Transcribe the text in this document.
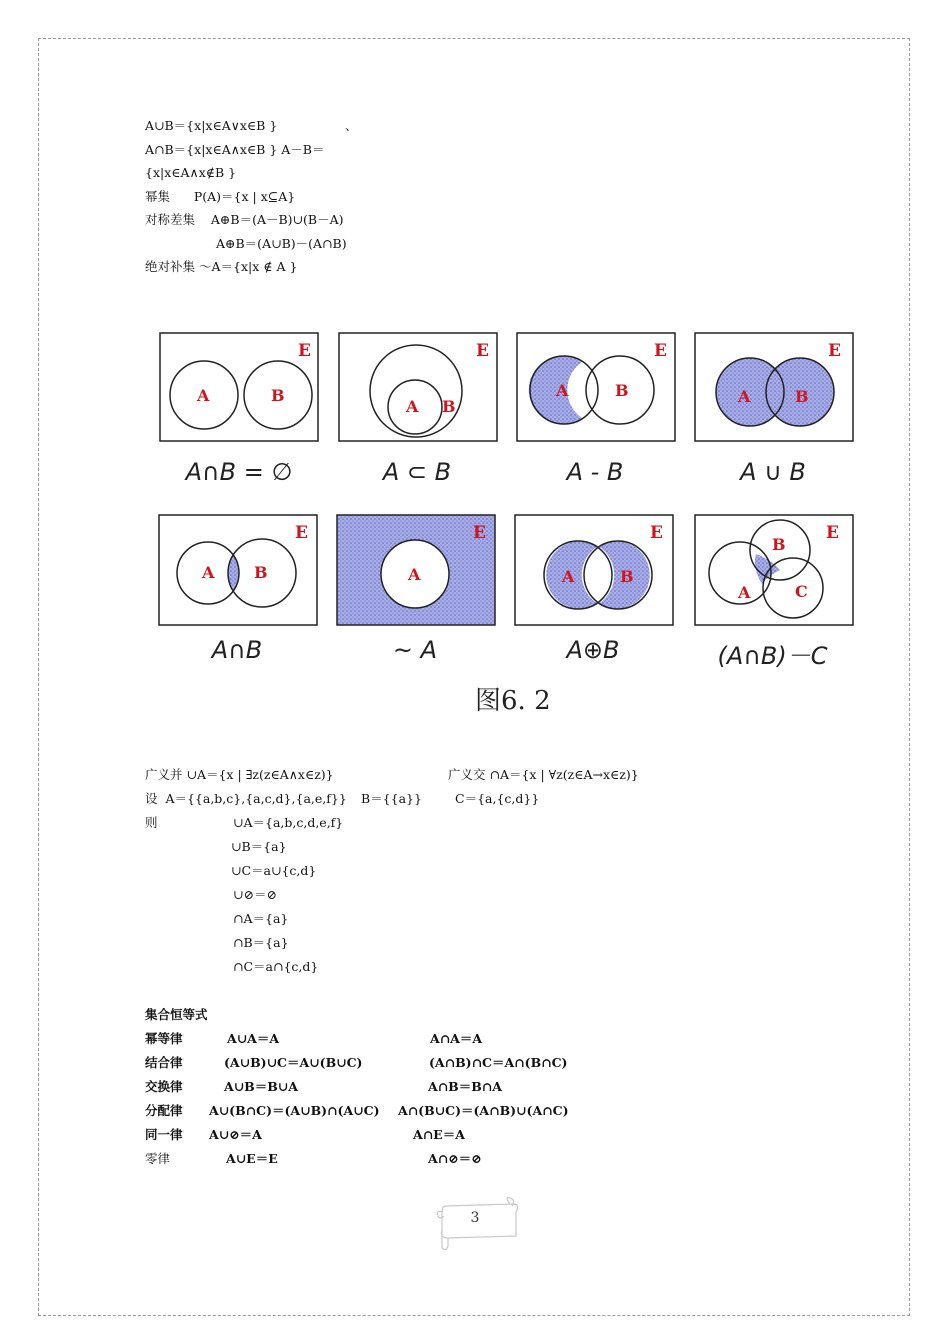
A∪B＝{x|x∈A∨x∈B }	、
A∩B＝{x|x∈A∧x∈B } A－B＝
{x|x∈A∧x∉B }
幂集      P(A)＝{x | x⊆A}
对称差集    A⊕B＝(A－B)∪(B－A)
A⊕B＝(A∪B)－(A∩B)
绝对补集 ～A＝{x|x ∉ A }
E
A	B
E
A B
E
A	B
E
A	B
E
A B
E
A
E
A	B
E
B
A	C
A∩B = ∅	A ⊂ B	A - B	A ∪ B
A∩B	~ A	A⊕B	(A∩B)－C
图6. 2
广义并 ∪A＝{x | ∃z(z∈A∧x∈z)}	广义交 ∩A＝{x | ∀z(z∈A→x∈z)}
设  A＝{{a,b,c},{a,c,d},{a,e,f}} B＝{{a}}	C＝{a,{c,d}}
则	∪A＝{a,b,c,d,e,f}
∪B＝{a}
∪C＝a∪{c,d}
∪⊘＝⊘
∩A＝{a}
∩B＝{a}
∩C＝a∩{c,d}
集合恒等式
幂等律	A∪A＝A	A∩A＝A
结合律	(A∪B)∪C＝A∪(B∪C)	(A∩B)∩C＝A∩(B∩C)
交换律	A∪B＝B∪A	A∩B＝B∩A
分配律 A∪(B∩C)＝(A∪B)∩(A∪C) A∩(B∪C)＝(A∩B)∪(A∩C)
同一律 A∪⊘＝A	A∩E＝A
零律	A∪E＝E	A∩⊘＝⊘
3
